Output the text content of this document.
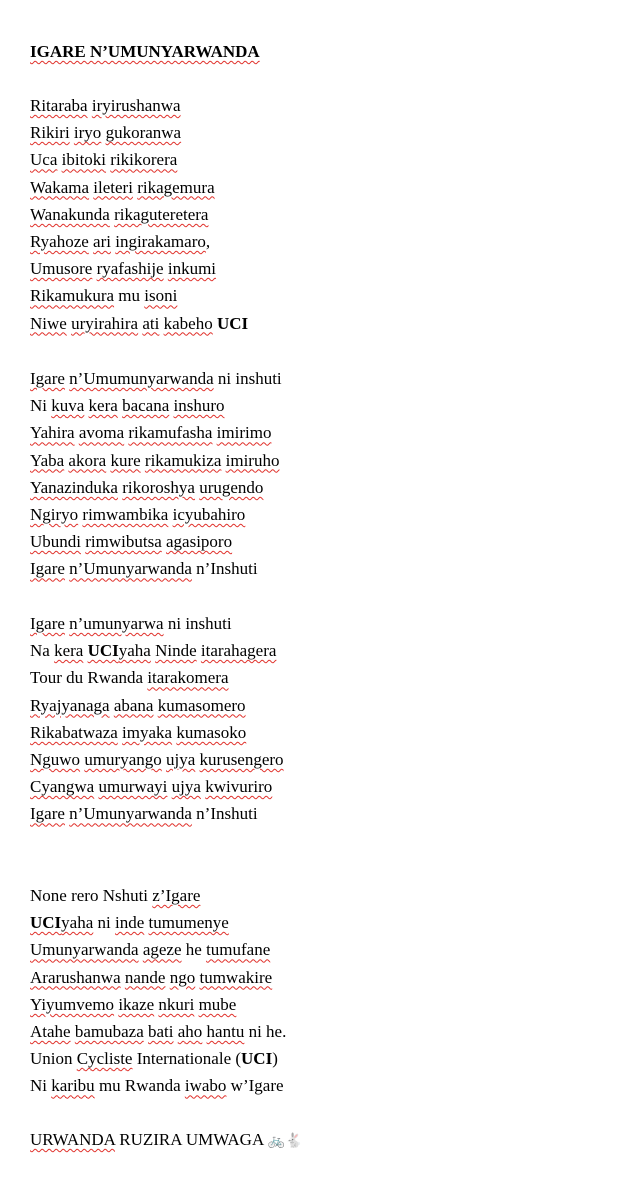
IGARE N’UMUNYARWANDA
Ritaraba iryirushanwa
Rikiri iryo gukoranwa
Uca ibitoki rikikorera
Wakama ileteri rikagemura
Wanakunda rikaguteretera
Ryahoze ari ingirakamaro,
Umusore ryafashije inkumi
Rikamukura mu isoni
Niwe uryirahira ati kabeho UCI
Igare n’Umumunyarwanda ni inshuti
Ni kuva kera bacana inshuro
Yahira avoma rikamufasha imirimo
Yaba akora kure rikamukiza imiruho
Yanazinduka rikoroshya urugendo
Ngiryo rimwambika icyubahiro
Ubundi rimwibutsa agasiporo
Igare n’Umunyarwanda n’Inshuti
Igare n’umunyarwa ni inshuti
Na kera UCIyaha Ninde itarahagera
Tour du Rwanda itarakomera
Ryajyanaga abana kumasomero
Rikabatwaza imyaka kumasoko
Nguwo umuryango ujya kurusengero
Cyangwa umurwayi ujya kwivuriro
Igare n’Umunyarwanda n’Inshuti
None rero Nshuti z’Igare
UCIyaha ni inde tumumenye
Umunyarwanda ageze he tumufane
Ararushanwa nande ngo tumwakire
Yiyumvemo ikaze nkuri mube
Atahe bamubaza bati aho hantu ni he.
Union Cycliste Internationale (UCI)
Ni karibu mu Rwanda iwabo w’Igare
URWANDA RUZIRA UMWAGA 🚲🐇
